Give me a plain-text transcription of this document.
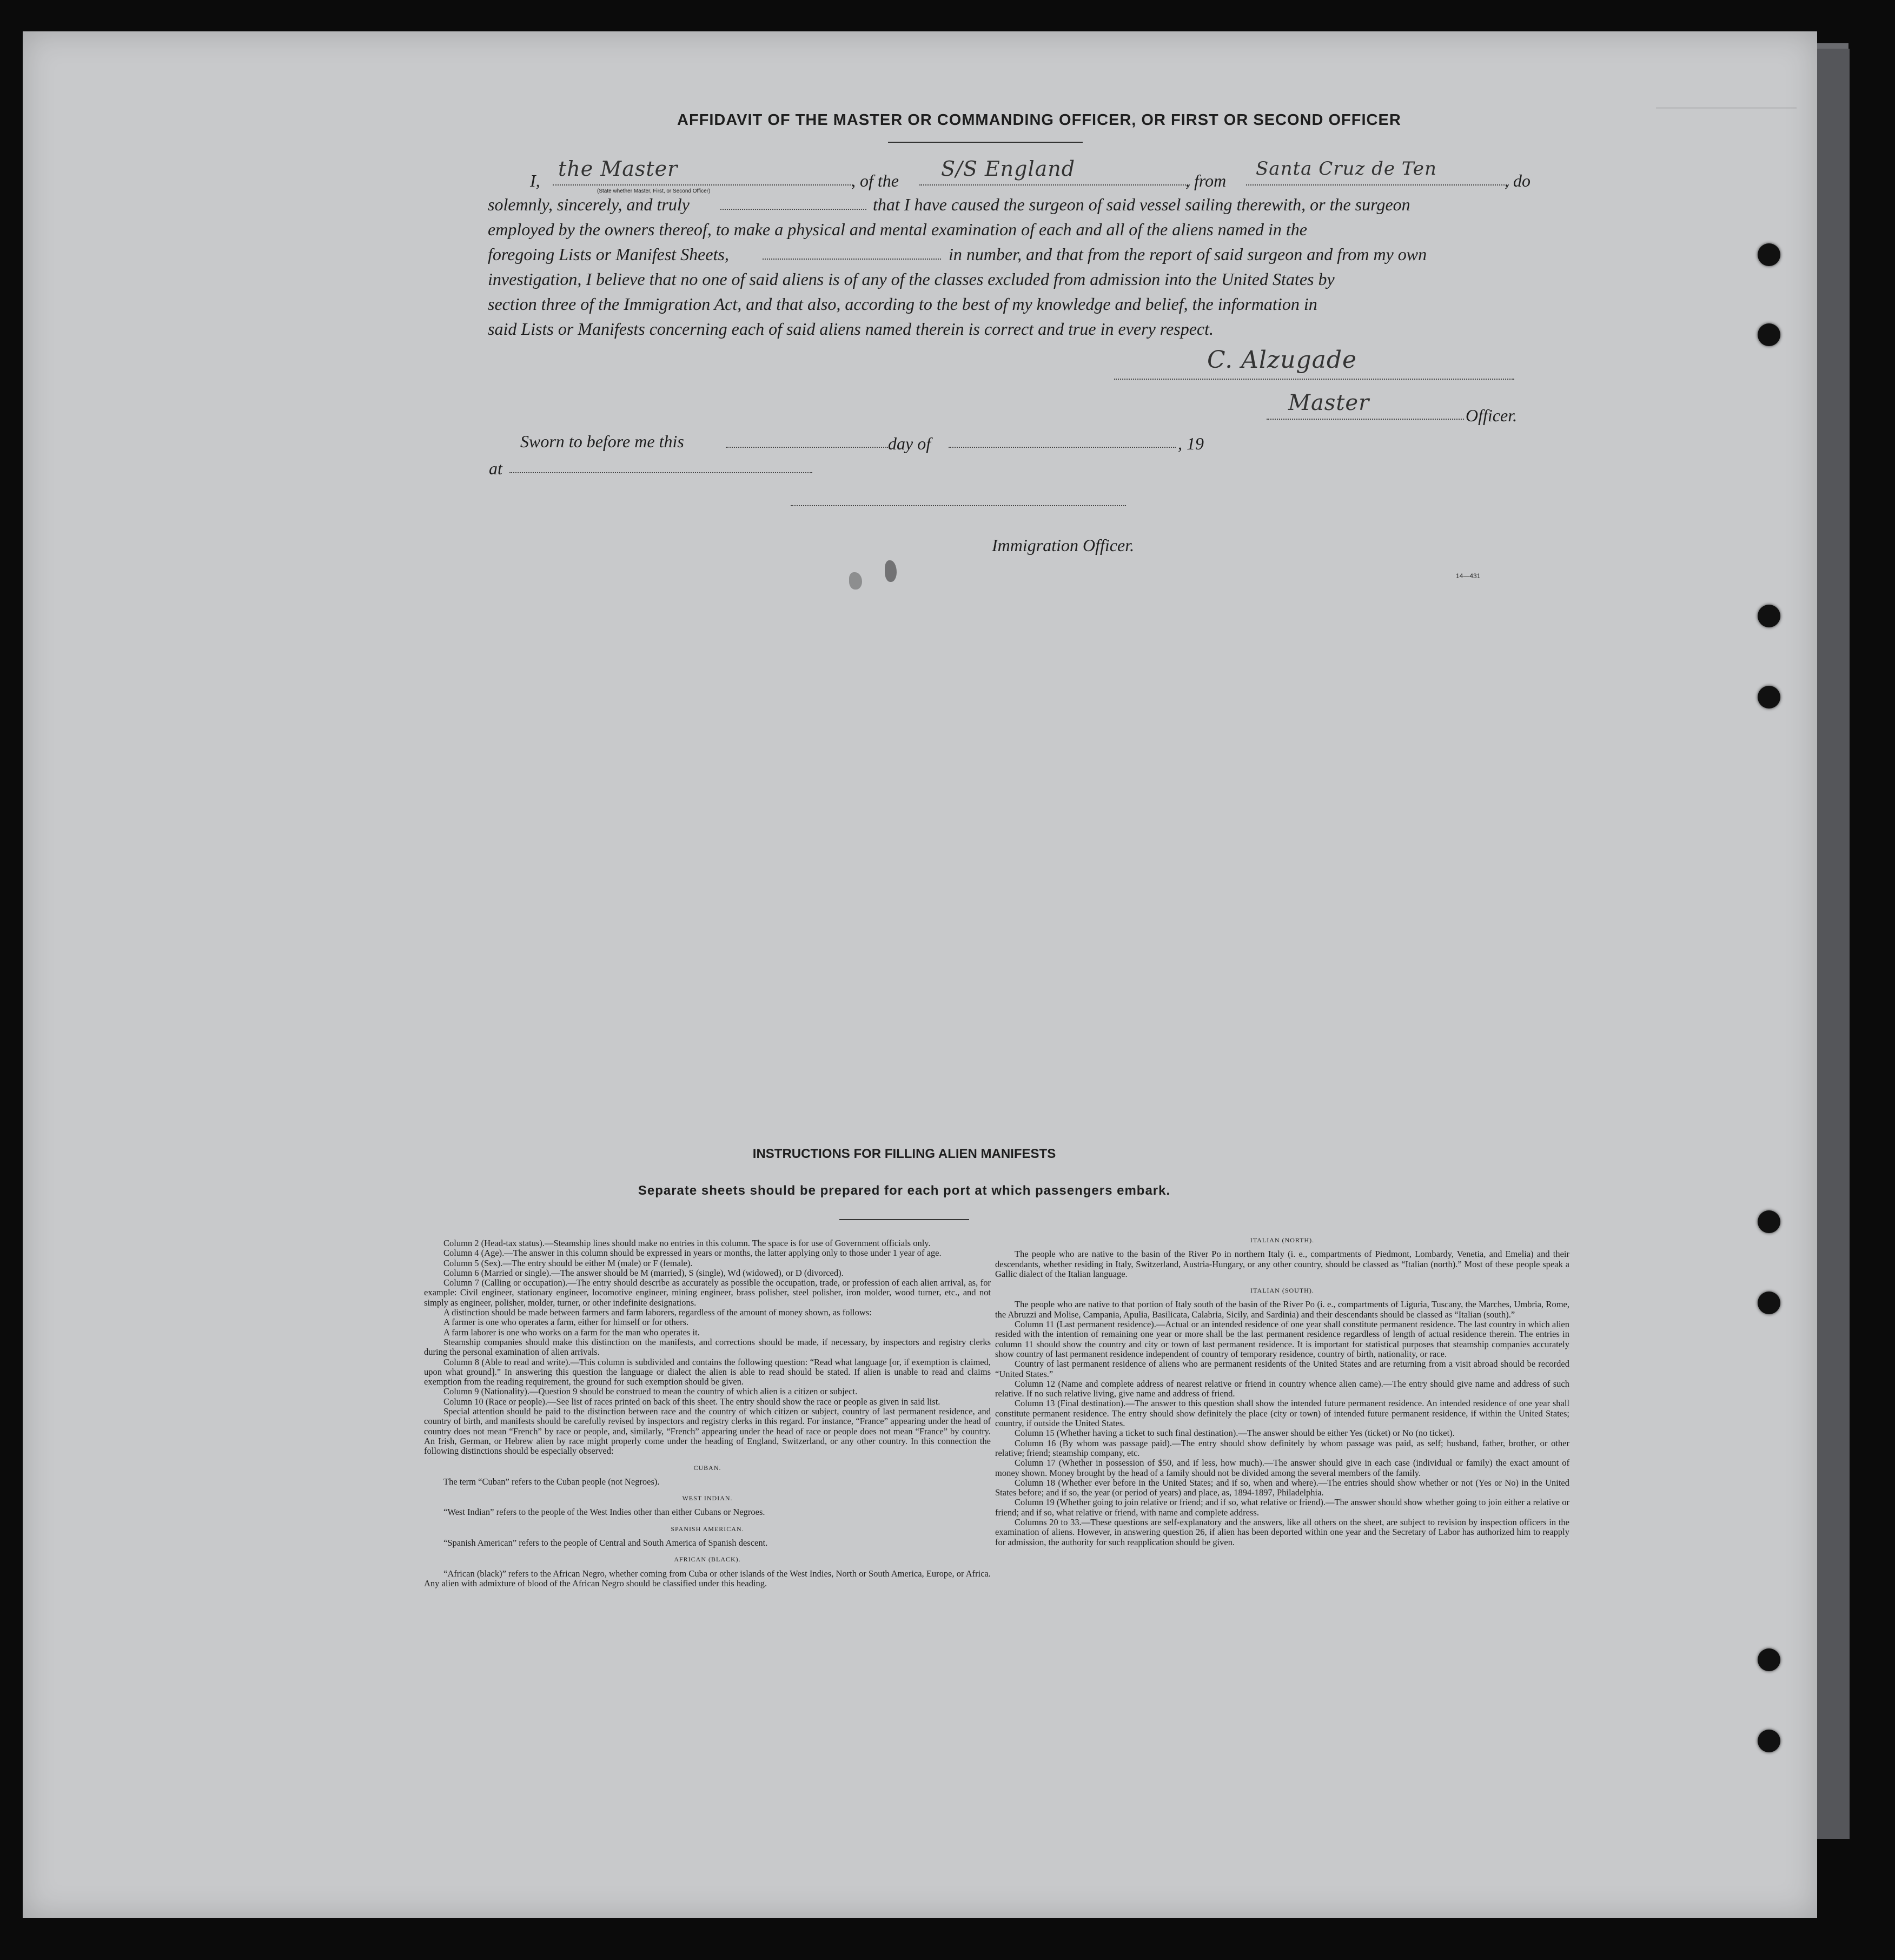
AFFIDAVIT OF THE MASTER OR COMMANDING OFFICER, OR FIRST OR SECOND OFFICER
I, the Master
(State whether Master, First, or Second Officer)
, of the S/S England	, from
Santa Cruz de Ten
, do
solemnly, sincerely, and truly	that I have caused the surgeon of said vessel sailing therewith, or the surgeon
employed by the owners thereof, to make a physical and mental examination of each and all of the aliens named in the
foregoing Lists or Manifest Sheets,	in number, and that from the report of said surgeon and from my own
investigation, I believe that no one of said aliens is of any of the classes excluded from admission into the United States by
section three of the Immigration Act, and that also, according to the best of my knowledge and belief, the information in
said Lists or Manifests concerning each of said aliens named therein is correct and true in every respect.
C. Alzugade
Master	Officer.
Sworn to before me this	day of	, 19
at
Immigration Officer.
14—431
INSTRUCTIONS FOR FILLING ALIEN MANIFESTS
Separate sheets should be prepared for each port at which passengers embark.

Column 2 (Head-tax status).—Steamship lines should make no entries in this column. The space is for use of Government officials only.

Column 4 (Age).—The answer in this column should be expressed in years or months, the latter applying only to those under 1 year of age.

Column 5 (Sex).—The entry should be either M (male) or F (female).

Column 6 (Married or single).—The answer should be M (married), S (single), Wd (widowed), or D (divorced).

Column 7 (Calling or occupation).—The entry should describe as accurately as possible the occupation, trade, or profession of each alien arrival, as, for example: Civil engineer, stationary engineer, locomotive engineer, mining engineer, brass polisher, steel polisher, iron molder, wood turner, etc., and not simply as engineer, polisher, molder, turner, or other indefinite designations.

A distinction should be made between farmers and farm laborers, regardless of the amount of money shown, as follows:

A farmer is one who operates a farm, either for himself or for others.

A farm laborer is one who works on a farm for the man who operates it.

Steamship companies should make this distinction on the manifests, and corrections should be made, if necessary, by inspectors and registry clerks during the personal examination of alien arrivals.

Column 8 (Able to read and write).—This column is subdivided and contains the following question: “Read what language [or, if exemption is claimed, upon what ground].” In answering this question the language or dialect the alien is able to read should be stated. If alien is unable to read and claims exemption from the reading requirement, the ground for such exemption should be given.

Column 9 (Nationality).—Question 9 should be construed to mean the country of which alien is a citizen or subject.

Column 10 (Race or people).—See list of races printed on back of this sheet. The entry should show the race or people as given in said list.

Special attention should be paid to the distinction between race and the country of which citizen or subject, country of last permanent residence, and country of birth, and manifests should be carefully revised by inspectors and registry clerks in this regard. For instance, “France” appearing under the head of country does not mean “French” by race or people, and, similarly, “French” appearing under the head of race or people does not mean “France” by country. An Irish, German, or Hebrew alien by race might properly come under the heading of England, Switzerland, or any other country. In this connection the following distinctions should be especially observed:

CUBAN.

The term “Cuban” refers to the Cuban people (not Negroes).

WEST INDIAN.

“West Indian” refers to the people of the West Indies other than either Cubans or Negroes.

SPANISH AMERICAN.

“Spanish American” refers to the people of Central and South America of Spanish descent.

AFRICAN (BLACK).

“African (black)” refers to the African Negro, whether coming from Cuba or other islands of the West Indies, North or South America, Europe, or Africa. Any alien with admixture of blood of the African Negro should be classified under this heading.

ITALIAN (NORTH).

The people who are native to the basin of the River Po in northern Italy (i. e., compartments of Piedmont, Lombardy, Venetia, and Emelia) and their descendants, whether residing in Italy, Switzerland, Austria-Hungary, or any other country, should be classed as “Italian (north).” Most of these people speak a Gallic dialect of the Italian language.

ITALIAN (SOUTH).

The people who are native to that portion of Italy south of the basin of the River Po (i. e., compartments of Liguria, Tuscany, the Marches, Umbria, Rome, the Abruzzi and Molise, Campania, Apulia, Basilicata, Calabria, Sicily, and Sardinia) and their descendants should be classed as “Italian (south).”

Column 11 (Last permanent residence).—Actual or an intended residence of one year shall constitute permanent residence. The last country in which alien resided with the intention of remaining one year or more shall be the last permanent residence regardless of length of actual residence therein. The entries in column 11 should show the country and city or town of last permanent residence. It is important for statistical purposes that steamship companies accurately show country of last permanent residence independent of country of temporary residence, country of birth, nationality, or race.

Country of last permanent residence of aliens who are permanent residents of the United States and are returning from a visit abroad should be recorded “United States.”

Column 12 (Name and complete address of nearest relative or friend in country whence alien came).—The entry should give name and address of such relative. If no such relative living, give name and address of friend.

Column 13 (Final destination).—The answer to this question shall show the intended future permanent residence. An intended residence of one year shall constitute permanent residence. The entry should show definitely the place (city or town) of intended future permanent residence, if within the United States; country, if outside the United States.

Column 15 (Whether having a ticket to such final destination).—The answer should be either Yes (ticket) or No (no ticket).

Column 16 (By whom was passage paid).—The entry should show definitely by whom passage was paid, as self; husband, father, brother, or other relative; friend; steamship company, etc.

Column 17 (Whether in possession of $50, and if less, how much).—The answer should give in each case (individual or family) the exact amount of money shown. Money brought by the head of a family should not be divided among the several members of the family.

Column 18 (Whether ever before in the United States; and if so, when and where).—The entries should show whether or not (Yes or No) in the United States before; and if so, the year (or period of years) and place, as, 1894-1897, Philadelphia.

Column 19 (Whether going to join relative or friend; and if so, what relative or friend).—The answer should show whether going to join either a relative or friend; and if so, what relative or friend, with name and complete address.

Columns 20 to 33.—These questions are self-explanatory and the answers, like all others on the sheet, are subject to revision by inspection officers in the examination of aliens. However, in answering question 26, if alien has been deported within one year and the Secretary of Labor has authorized him to reapply for admission, the authority for such reapplication should be given.
